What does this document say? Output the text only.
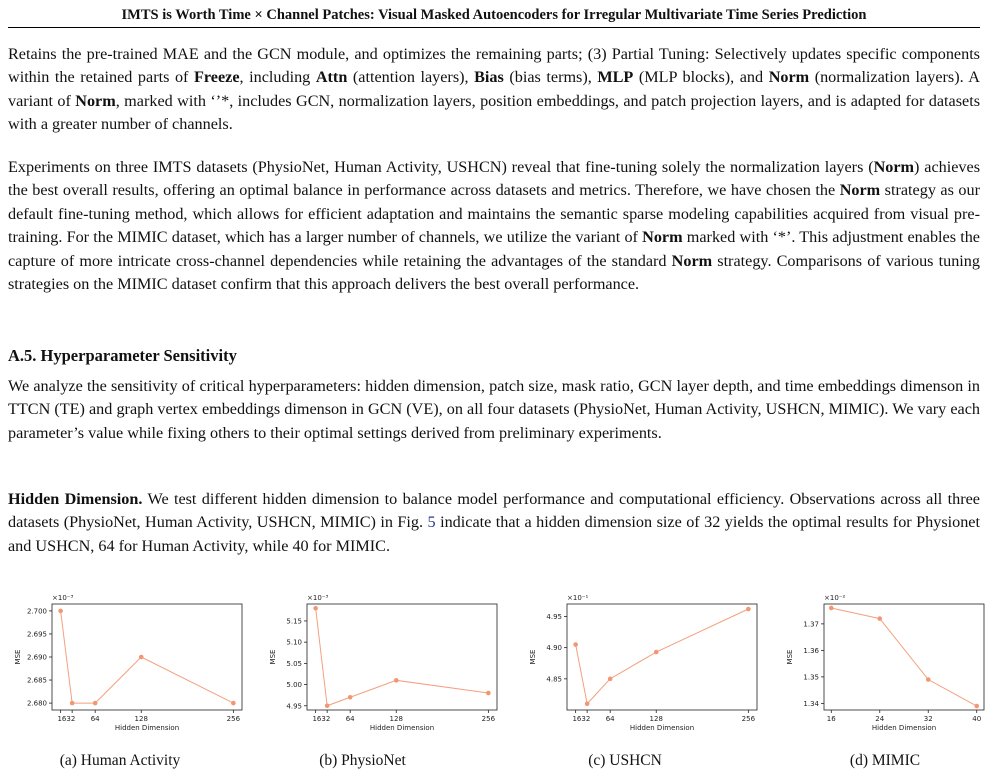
IMTS is Worth Time × Channel Patches: Visual Masked Autoencoders for Irregular Multivariate Time Series Prediction

Retains the pre-trained MAE and the GCN module, and optimizes the remaining parts; (3) Partial Tuning: Selectively updates specific components within the retained parts of Freeze, including Attn (attention layers), Bias (bias terms), MLP (MLP blocks), and Norm (normalization layers). A variant of Norm, marked with ‘’*, includes GCN, normalization layers, position embeddings, and patch projection layers, and is adapted for datasets with a greater number of channels.

Experiments on three IMTS datasets (PhysioNet, Human Activity, USHCN) reveal that fine-tuning solely the normalization layers (Norm) achieves the best overall results, offering an optimal balance in performance across datasets and metrics. Therefore, we have chosen the Norm strategy as our default fine-tuning method, which allows for efficient adaptation and maintains the semantic sparse modeling capabilities acquired from visual pre-training. For the MIMIC dataset, which has a larger number of channels, we utilize the variant of Norm marked with ‘*’. This adjustment enables the capture of more intricate cross-channel dependencies while retaining the advantages of the standard Norm strategy. Comparisons of various tuning strategies on the MIMIC dataset confirm that this approach delivers the best overall performance.

A.5. Hyperparameter Sensitivity

We analyze the sensitivity of critical hyperparameters: hidden dimension, patch size, mask ratio, GCN layer depth, and time embeddings dimenson in TTCN (TE) and graph vertex embeddings dimenson in GCN (VE), on all four datasets (PhysioNet, Human Activity, USHCN, MIMIC). We vary each parameter’s value while fixing others to their optimal settings derived from preliminary experiments.

Hidden Dimension. We test different hidden dimension to balance model performance and computational efficiency. Observations across all three datasets (PhysioNet, Human Activity, USHCN, MIMIC) in Fig. 5 indicate that a hidden dimension size of 32 yields the optimal results for Physionet and USHCN, 64 for Human Activity, while 40 for MIMIC.

2.680
2.685
2.690
2.695
2.700
1632 64	128	256
Hidden Dimension
MSE
×10⁻³
4.95
5.00
5.05
5.10
5.15
1632 64	128	256
Hidden Dimension
MSE
×10⁻³
4.85
4.90
4.95
1632 64	128	256
Hidden Dimension
MSE
×10⁻¹
1.34
1.35
1.36
1.37
16	24	32	40
Hidden Dimension
MSE
×10⁻²
(a) Human Activity	(b) PhysioNet	(c) USHCN	(d) MIMIC
